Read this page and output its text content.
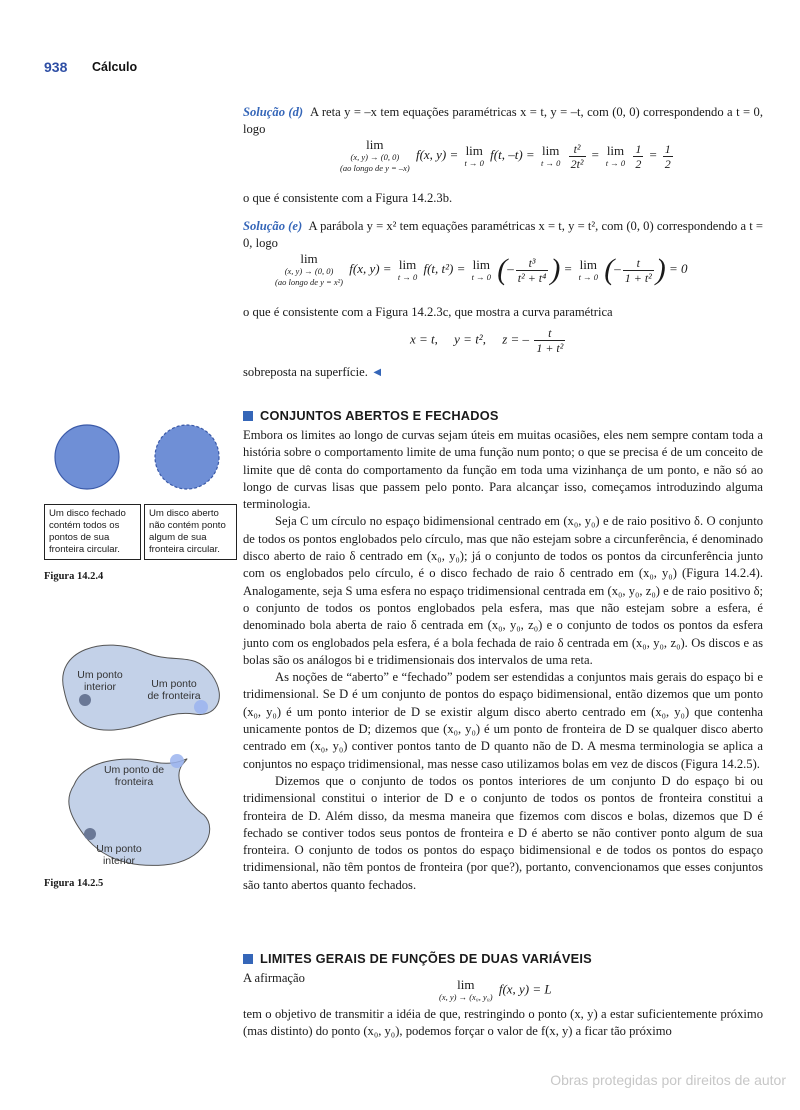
938 Cálculo

Solução (d) A reta y = –x tem equações paramétricas x = t, y = –t, com (0, 0) correspondendo a t = 0, logo

lim
(x, y) → (0, 0)
(ao longo de y = –x)
f(x, y) = lim
t → 0
f(t, –t) = lim
t → 0
$\frac{\text{t²}}{\text{2t²}} = \lim$
t → 0
$\frac{1}{2} = \frac{1}{2}$

o que é consistente com a Figura 14.2.3b.

Solução (e) A parábola y = x² tem equações paramétricas x = t, y = t², com (0, 0) correspondendo a t = 0, logo

lim
(x, y) → (0, 0)
(ao longo de y = x²)
f(x, y) = lim
t → 0
f(t, t²) = lim
t → 0 (– $\frac{\text{t³}}{\text{t² + t⁴}}$ ) = lim
t → 0 (– $\frac{t}{\text{1 + t²}}$ ) = 0

o que é consistente com a Figura 14.2.3c, que mostra a curva paramétrica

x = t, y = t², z = – $\frac{t}{\text{1 + t²}}$

sobreposta na superfície. ◄

CONJUNTOS ABERTOS E FECHADOS

Embora os limites ao longo de curvas sejam úteis em muitas ocasiões, eles nem sempre contam toda a história sobre o comportamento limite de uma função num ponto; o que se precisa é de um conceito de limite que dê conta do comportamento da função em toda uma vizinhança de um ponto, e não só ao longo de curvas lisas que passem pelo ponto. Para alcançar isso, começamos introduzindo alguma terminologia.

Seja C um círculo no espaço bidimensional centrado em (x₀, y₀) e de raio positivo δ. O conjunto de todos os pontos englobados pelo círculo, mas que não estejam sobre a circunferência, é denominado disco aberto de raio δ centrado em (x₀, y₀); já o conjunto de todos os pontos da circunferência junto com os englobados pelo círculo, é o disco fechado de raio δ centrado em (x₀, y₀) (Figura 14.2.4). Analogamente, seja S uma esfera no espaço tridimensional centrada em (x₀, y₀, z₀) e de raio positivo δ; o conjunto de todos os pontos englobados pela esfera, mas que não estejam sobre a esfera, é denominado bola aberta de raio δ centrada em (x₀, y₀, z₀) e o conjunto de todos os pontos da esfera junto com os englobados pela esfera, é a bola fechada de raio δ centrada em (x₀, y₀, z₀). Os discos e as bolas são os análogos bi e tridimensionais dos intervalos de uma reta.

As noções de “aberto” e “fechado” podem ser estendidas a conjuntos mais gerais do espaço bi e tridimensional. Se D é um conjunto de pontos do espaço bidimensional, então dizemos que um ponto (x₀, y₀) é um ponto interior de D se existir algum disco aberto centrado em (x₀, y₀) que contenha unicamente pontos de D; dizemos que (x₀, y₀) é um ponto de fronteira de D se qualquer disco aberto centrado em (x₀, y₀) contiver pontos tanto de D quanto não de D. A mesma terminologia se aplica a conjuntos no espaço tridimensional, mas nesse caso utilizamos bolas em vez de discos (Figura 14.2.5).

Dizemos que o conjunto de todos os pontos interiores de um conjunto D do espaço bi ou tridimensional constitui o interior de D e o conjunto de todos os pontos de fronteira constitui a fronteira de D. Além disso, da mesma maneira que fizemos com discos e bolas, dizemos que D é fechado se contiver todos seus pontos de fronteira e D é aberto se não contiver ponto algum de sua fronteira. O conjunto de todos os pontos do espaço bidimensional e de todos os pontos do espaço tridimensional, não têm pontos de fronteira (por que?), portanto, convencionamos que esses conjuntos são tanto abertos quanto fechados.

LIMITES GERAIS DE FUNÇÕES DE DUAS VARIÁVEIS

A afirmação	lim
(x, y) → (x₀, y₀)
f(x, y) = L

tem o objetivo de transmitir a idéia de que, restringindo o ponto (x, y) a estar suficientemente próximo (mas distinto) do ponto (x₀, y₀), podemos forçar o valor de f(x, y) a ficar tão próximo

Um disco fechado contém todos os pontos de sua fronteira circular.
Um disco aberto não contém ponto algum de sua fronteira circular.
Figura 14.2.4
Um ponto
interior	Um ponto
de fronteira
Um ponto de
fronteira
Um ponto
interior
Figura 14.2.5
Obras protegidas por direitos de autor
